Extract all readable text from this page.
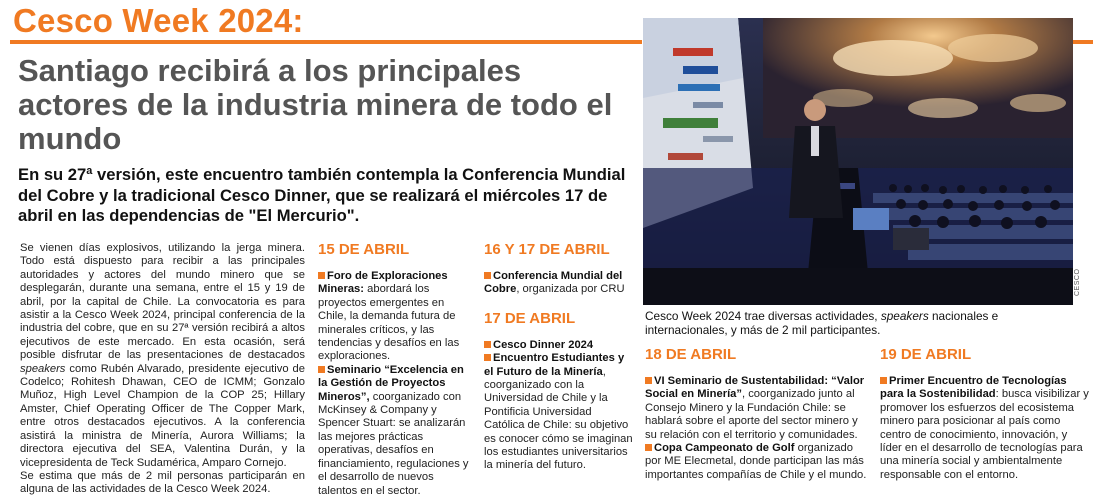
Cesco Week 2024:
Santiago recibirá a los principales actores de la industria minera de todo el mundo

En su 27ª versión, este encuentro también contempla la Conferencia Mundial del Cobre y la tradicional Cesco Dinner, que se realizará el miércoles 17 de abril en las dependencias de "El Mercurio".

Se vienen días explosivos, utilizando la jerga minera. Todo está dispuesto para recibir a las principales autoridades y actores del mundo minero que se desplegarán, durante una semana, entre el 15 y 19 de abril, por la capital de Chile. La convocatoria es para asistir a la Cesco Week 2024, principal conferencia de la industria del cobre, que en su 27ª versión recibirá a altos ejecutivos de este mercado. En esta ocasión, será posible disfrutar de las presentaciones de destacados speakers como Rubén Alvarado, presidente ejecutivo de Codelco; Rohitesh Dhawan, CEO de ICMM; Gonzalo Muñoz, High Level Champion de la COP 25; Hillary Amster, Chief Operating Officer de The Copper Mark, entre otros destacados ejecutivos. A la conferencia asistirá la ministra de Minería, Aurora Williams; la directora ejecutiva del SEA, Valentina Durán, y la vicepresidenta de Teck Sudamérica, Amparo Cornejo.
Se estima que más de 2 mil personas participarán en alguna de las actividades de la Cesco Week 2024.
15 DE ABRIL
Foro de Exploraciones Mineras: abordará los proyectos emergentes en Chile, la demanda futura de minerales críticos, y las tendencias y desafíos en las exploraciones.
Seminario “Excelencia en la Gestión de Proyectos Mineros”, coorganizado con McKinsey & Company y Spencer Stuart: se analizarán las mejores prácticas operativas, desafíos en financiamiento, regulaciones y el desarrollo de nuevos talentos en el sector.
16 Y 17 DE ABRIL
Conferencia Mundial del Cobre, organizada por CRU
17 DE ABRIL
Cesco Dinner 2024
Encuentro Estudiantes y el Futuro de la Minería, coorganizado con la Universidad de Chile y la Pontificia Universidad Católica de Chile: su objetivo es conocer cómo se imaginan los estudiantes universitarios la minería del futuro.
18 DE ABRIL
VI Seminario de Sustentabilidad: “Valor Social en Minería”, coorganizado junto al Consejo Minero y la Fundación Chile: se hablará sobre el aporte del sector minero y su relación con el territorio y comunidades.
Copa Campeonato de Golf organizado por ME Elecmetal, donde participan las más importantes compañías de Chile y el mundo.
19 DE ABRIL
Primer Encuentro de Tecnologías para la Sostenibilidad: busca visibilizar y promover los esfuerzos del ecosistema minero para posicionar al país como centro de conocimiento, innovación, y líder en el desarrollo de tecnologías para una minería social y ambientalmente responsable con el entorno.
CESCO
Cesco Week 2024 trae diversas actividades, speakers nacionales e internacionales, y más de 2 mil participantes.
